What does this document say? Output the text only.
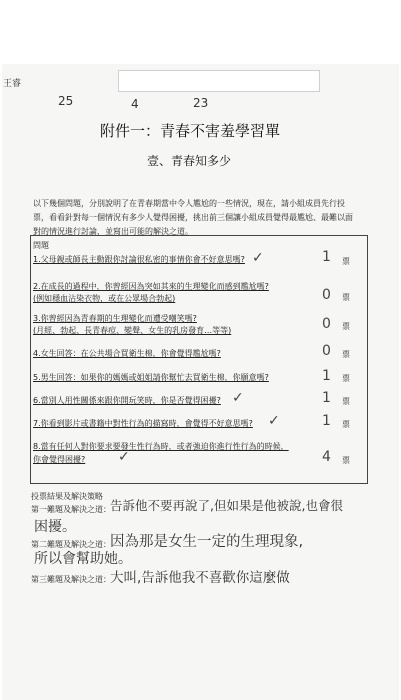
王睿
25	4	23
附件一：青春不害羞學習單
壹、青春知多少
以下幾個問題，分別說明了在青春期當中令人尷尬的一些情況，現在，請小組成員先行投票，看看針對每一個情況有多少人覺得困擾，挑出前三個讓小組成員覺得最尷尬、最難以面對的情況進行討論，並寫出可能的解決之道。
問題
1.父母親或師長主動跟你討論很私密的事情你會不好意思嗎? ✓	1 票
2.在成長的過程中，你曾經因為突如其來的生理變化而感到尷尬嗎?
(例如穩血沾染衣物，或在公眾場合勃起)	0 票
3.你曾經因為青春期的生理變化而遭受嘲笑嗎?
(月經、勃起、長青春痘、變聲、女生的乳房發育…等等)	0 票
4.女生回答：在公共場合買衛生棉，你會覺得尷尬嗎?	0 票
5.男生回答：如果你的媽媽或姐姐請你幫忙去買衛生棉，你願意嗎?	1 票
6.當別人用性關係來跟你開玩笑時，你是否覺得困擾? ✓	1 票
7.你看到影片或書籍中對性行為的描寫時，會覺得不好意思嗎? ✓	1 票
8.當有任何人對你要求要發生性行為時，或者強迫你進行性行為的時候，
你會覺得困擾? ✓	4 票
投票結果及解決策略
第一難題及解決之道： 告訴他不要再說了,但如果是他被說,也會很
困擾。
第二難題及解決之道： 因為那是女生一定的生理現象,
所以會幫助她。
第三難題及解決之道： 大叫,告訴他我不喜歡你這麼做
